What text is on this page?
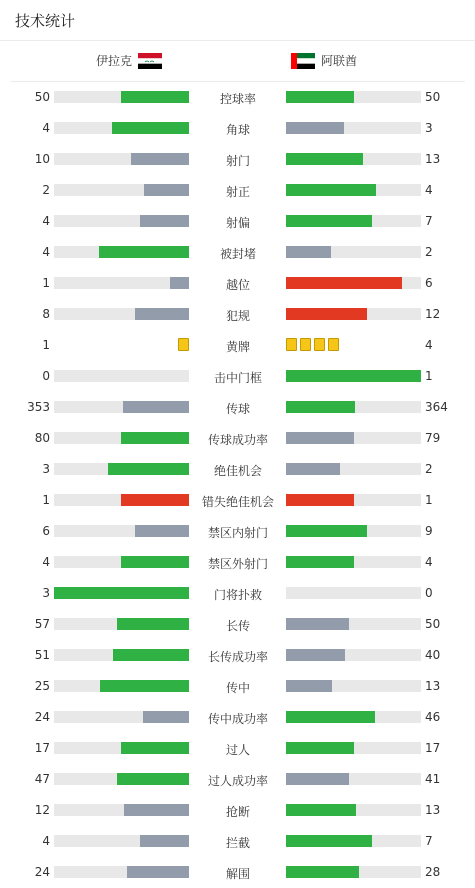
技术统计
伊拉克	阿联酋
50	控球率	50
4	角球	3
10	射门	13
2	射正	4
4	射偏	7
4	被封堵	2
1	越位	6
8	犯规	12
1	黄牌	4
0	击中门框	1
353	传球	364
80	传球成功率	79
3	绝佳机会	2
1	错失绝佳机会	1
6	禁区内射门	9
4	禁区外射门	4
3	门将扑救	0
57	长传	50
51	长传成功率	40
25	传中	13
24	传中成功率	46
17	过人	17
47	过人成功率	41
12	抢断	13
4	拦截	7
24	解围	28
